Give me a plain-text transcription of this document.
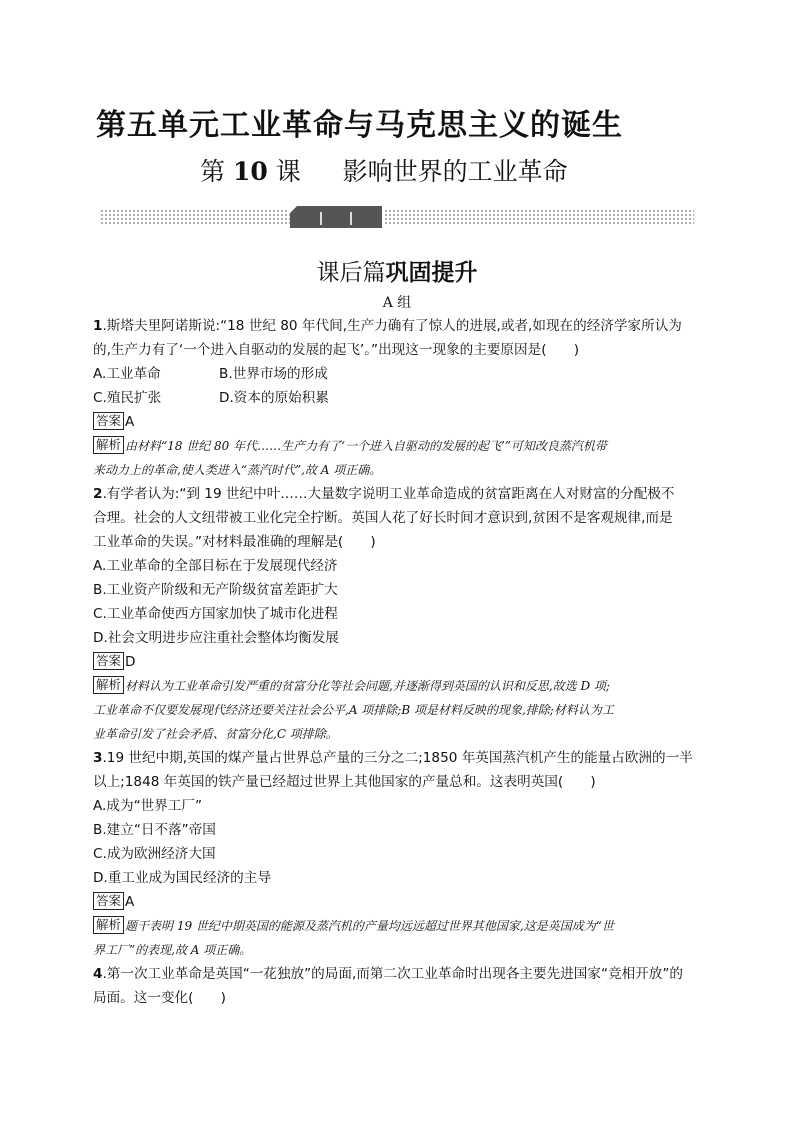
第五单元工业革命与马克思主义的诞生
第 10 课 影响世界的工业革命
课后篇巩固提升
A 组
1.斯塔夫里阿诺斯说:“18 世纪 80 年代间,生产力确有了惊人的进展,或者,如现在的经济学家所认为
的,生产力有了‘一个进入自驱动的发展的起飞’。”出现这一现象的主要原因是(　　)
A.工业革命	B.世界市场的形成
C.殖民扩张	D.资本的原始积累
答案 A
解析 由材料“18 世纪 80 年代……生产力有了‘一个进入自驱动的发展的起飞’”可知改良蒸汽机带
来动力上的革命,使人类进入“蒸汽时代”,故 A 项正确。
2.有学者认为:“到 19 世纪中叶……大量数字说明工业革命造成的贫富距离在人对财富的分配极不
合理。社会的人文纽带被工业化完全拧断。英国人花了好长时间才意识到,贫困不是客观规律,而是
工业革命的失误。”对材料最准确的理解是(　　)
A.工业革命的全部目标在于发展现代经济
B.工业资产阶级和无产阶级贫富差距扩大
C.工业革命使西方国家加快了城市化进程
D.社会文明进步应注重社会整体均衡发展
答案 D
解析 材料认为工业革命引发严重的贫富分化等社会问题,并逐渐得到英国的认识和反思,故选 D 项;
工业革命不仅要发展现代经济还要关注社会公平,A 项排除;B 项是材料反映的现象,排除;材料认为工
业革命引发了社会矛盾、贫富分化,C 项排除。
3.19 世纪中期,英国的煤产量占世界总产量的三分之二;1850 年英国蒸汽机产生的能量占欧洲的一半
以上;1848 年英国的铁产量已经超过世界上其他国家的产量总和。这表明英国(　　)
A.成为“世界工厂”
B.建立“日不落”帝国
C.成为欧洲经济大国
D.重工业成为国民经济的主导
答案 A
解析 题干表明 19 世纪中期英国的能源及蒸汽机的产量均远远超过世界其他国家,这是英国成为“世
界工厂”的表现,故 A 项正确。
4.第一次工业革命是英国“一花独放”的局面,而第二次工业革命时出现各主要先进国家“竞相开放”的
局面。这一变化(　　)
